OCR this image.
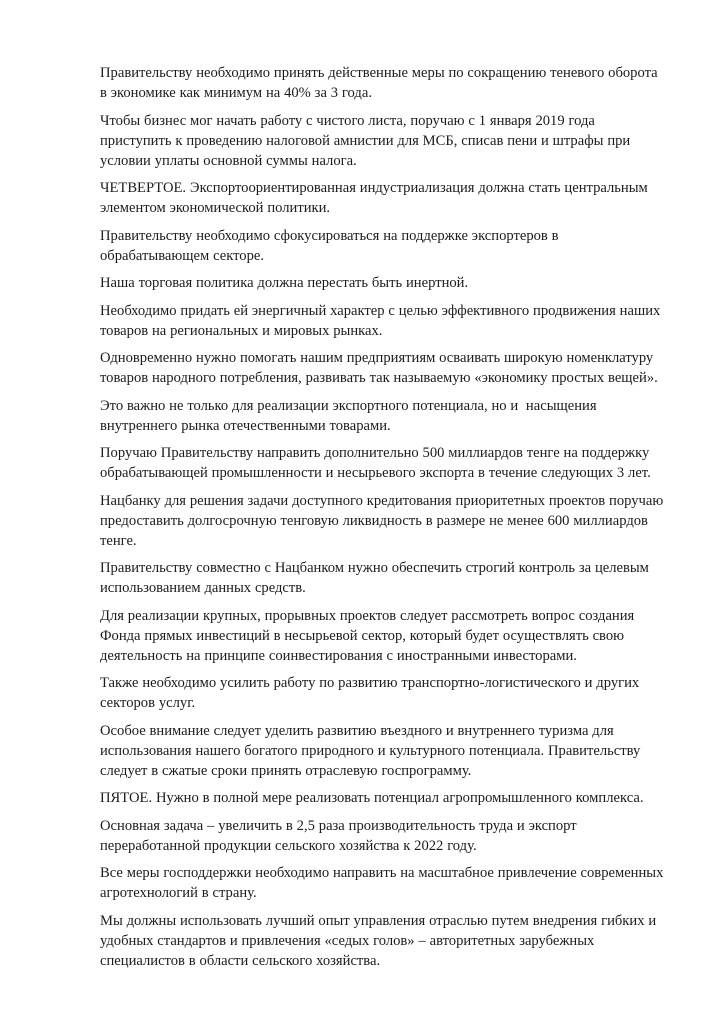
Правительству необходимо принять действенные меры по сокращению теневого оборота в экономике как минимум на 40% за 3 года.

Чтобы бизнес мог начать работу с чистого листа, поручаю с 1 января 2019 года приступить к проведению налоговой амнистии для МСБ, списав пени и штрафы при условии уплаты основной суммы налога.

ЧЕТВЕРТОЕ. Экспортоориентированная индустриализация должна стать центральным элементом экономической политики.

Правительству необходимо сфокусироваться на поддержке экспортеров в обрабатывающем секторе.

Наша торговая политика должна перестать быть инертной.

Необходимо придать ей энергичный характер с целью эффективного продвижения наших товаров на региональных и мировых рынках.

Одновременно нужно помогать нашим предприятиям осваивать широкую номенклатуру товаров народного потребления, развивать так называемую «экономику простых вещей».

Это важно не только для реализации экспортного потенциала, но и  насыщения внутреннего рынка отечественными товарами.

Поручаю Правительству направить дополнительно 500 миллиардов тенге на поддержку обрабатывающей промышленности и несырьевого экспорта в течение следующих 3 лет.

Нацбанку для решения задачи доступного кредитования приоритетных проектов поручаю предоставить долгосрочную тенговую ликвидность в размере не менее 600 миллиардов тенге.

Правительству совместно с Нацбанком нужно обеспечить строгий контроль за целевым использованием данных средств.

Для реализации крупных, прорывных проектов следует рассмотреть вопрос создания Фонда прямых инвестиций в несырьевой сектор, который будет осуществлять свою деятельность на принципе соинвестирования с иностранными инвесторами.

Также необходимо усилить работу по развитию транспортно-логистического и других секторов услуг.

Особое внимание следует уделить развитию въездного и внутреннего туризма для использования нашего богатого природного и культурного потенциала. Правительству следует в сжатые сроки принять отраслевую госпрограмму.

ПЯТОЕ. Нужно в полной мере реализовать потенциал агропромышленного комплекса.

Основная задача – увеличить в 2,5 раза производительность труда и экспорт переработанной продукции сельского хозяйства к 2022 году.

Все меры господдержки необходимо направить на масштабное привлечение современных агротехнологий в страну.

Мы должны использовать лучший опыт управления отраслью путем внедрения гибких и удобных стандартов и привлечения «седых голов» – авторитетных зарубежных специалистов в области сельского хозяйства.
